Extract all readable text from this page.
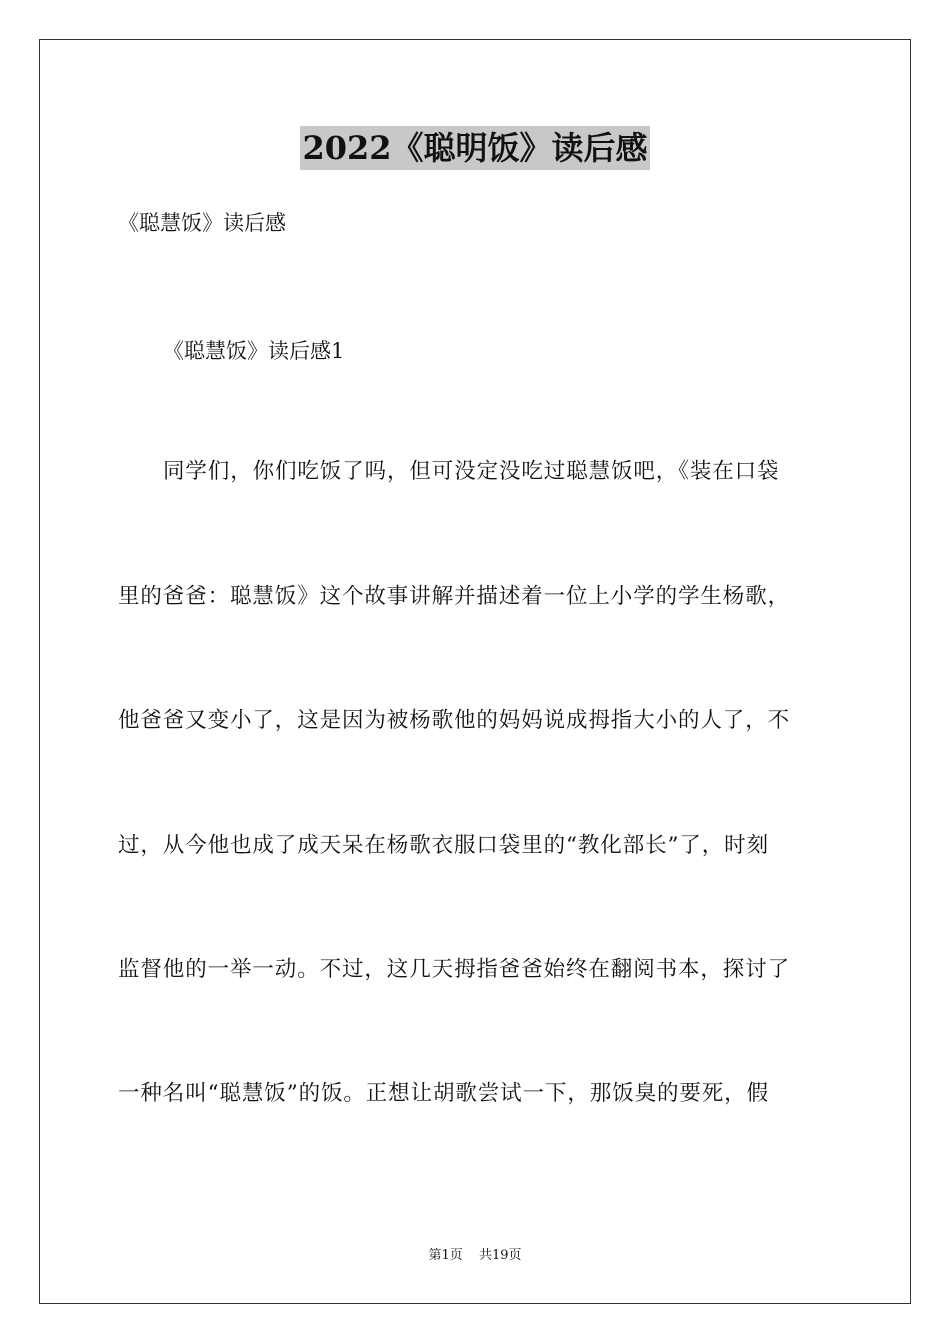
2022《聪明饭》读后感
《聪慧饭》读后感
《聪慧饭》读后感1
同学们，你们吃饭了吗，但可没定没吃过聪慧饭吧，《装在口袋
里的爸爸：聪慧饭》这个故事讲解并描述着一位上小学的学生杨歌，
他爸爸又变小了，这是因为被杨歌他的妈妈说成拇指大小的人了，不
过，从今他也成了成天呆在杨歌衣服口袋里的“教化部长”了，时刻
监督他的一举一动。不过，这几天拇指爸爸始终在翻阅书本，探讨了
一种名叫“聪慧饭”的饭。正想让胡歌尝试一下，那饭臭的要死，假
第1页 共19页
